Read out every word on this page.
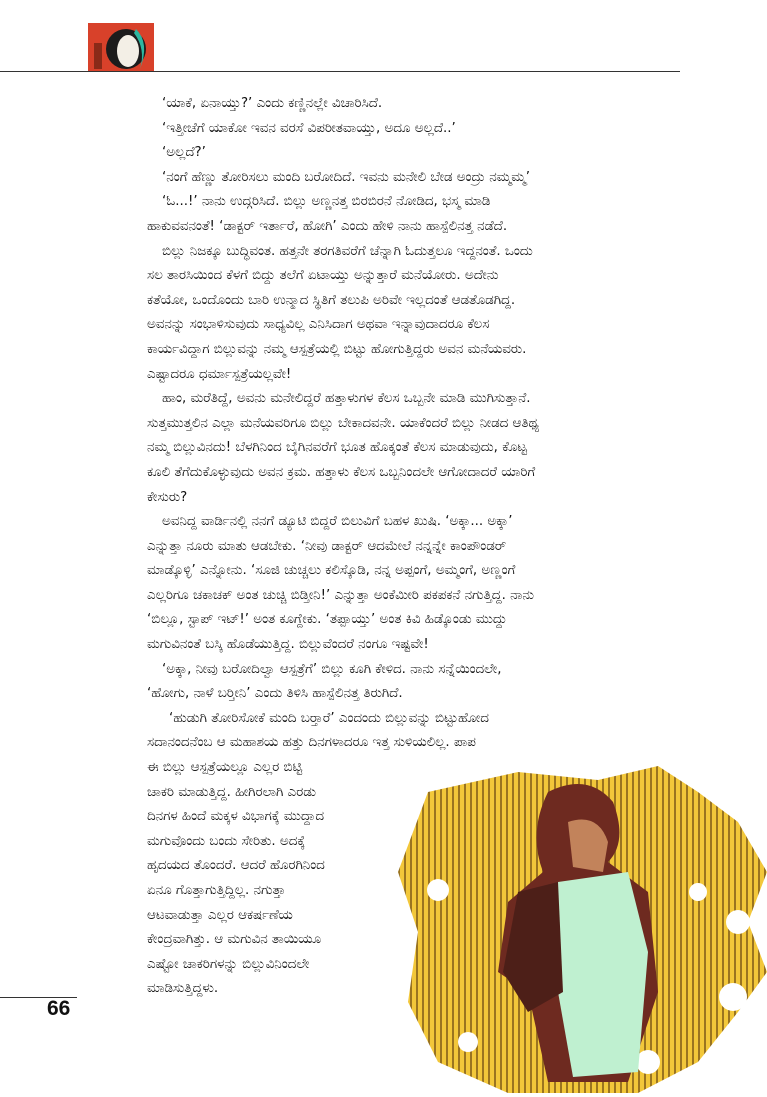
‘ಯಾಕೆ, ಏನಾಯ್ತು?’ ಎಂದು ಕಣ್ಣಿನಲ್ಲೇ ವಿಚಾರಿಸಿದೆ.

‘ಇತ್ತೀಚೆಗೆ ಯಾಕೋ ಇವನ ವರಸೆ ವಿಪರೀತವಾಯ್ತು, ಅದೂ ಅಲ್ಲದೆ..’

‘ಅಲ್ಲದೆ?’

‘ನಂಗೆ ಹೆಣ್ಣು ತೋರಿಸಲು ಮಂದಿ ಬರೋದಿದೆ. ಇವನು ಮನೇಲಿ ಬೇಡ ಅಂದ್ರು ನಮ್ಮಮ್ಮ’

‘ಓ...!’ ನಾನು ಉದ್ಗರಿಸಿದೆ. ಬಿಲ್ಲು ಅಣ್ಣನತ್ತ ಬಿರಬಿರನೆ ನೋಡಿದ, ಭಸ್ಮ ಮಾಡಿ

ಹಾಕುವವನಂತೆ! ‘ಡಾಕ್ಟರ್ ಇರ್ತಾರೆ, ಹೋಗಿ’ ಎಂದು ಹೇಳಿ ನಾನು ಹಾಸ್ಪೆಲಿನತ್ತ ನಡೆದೆ.

ಬಿಲ್ಲು ನಿಜಕ್ಕೂ ಬುದ್ಧಿವಂತ. ಹತ್ತನೇ ತರಗತಿವರೆಗೆ ಚೆನ್ನಾಗಿ ಓದುತ್ತಲೂ ಇದ್ದನಂತೆ. ಒಂದು

ಸಲ ತಾರಸಿಯಿಂದ ಕೆಳಗೆ ಬಿದ್ದು ತಲೆಗೆ ಏಟಾಯ್ತು ಅನ್ನುತ್ತಾರೆ ಮನೆಯೋರು. ಅದೇನು

ಕತೆಯೋ, ಒಂದೊಂದು ಬಾರಿ ಉನ್ಮಾದ ಸ್ಥಿತಿಗೆ ತಲುಪಿ ಅರಿವೇ ಇಲ್ಲದಂತೆ ಆಡತೊಡಗಿದ್ದ.

ಅವನನ್ನು ಸಂಭಾಳಿಸುವುದು ಸಾಧ್ಯವಿಲ್ಲ ಎನಿಸಿದಾಗ ಅಥವಾ ಇನ್ನಾವುದಾದರೂ ಕೆಲಸ

ಕಾರ್ಯವಿದ್ದಾಗ ಬಿಲ್ಲುವನ್ನು ನಮ್ಮ ಆಸ್ಪತ್ರೆಯಲ್ಲಿ ಬಿಟ್ಟು ಹೋಗುತ್ತಿದ್ದರು ಅವನ ಮನೆಯವರು.

ಎಷ್ಟಾದರೂ ಧರ್ಮಾಸ್ಪತ್ರೆಯಲ್ಲವೇ!

ಹಾಂ, ಮರೆತಿದ್ದೆ, ಅವನು ಮನೇಲಿದ್ದರೆ ಹತ್ತಾಳುಗಳ ಕೆಲಸ ಒಬ್ಬನೇ ಮಾಡಿ ಮುಗಿಸುತ್ತಾನೆ.

ಸುತ್ತಮುತ್ತಲಿನ ಎಲ್ಲಾ ಮನೆಯವರಿಗೂ ಬಿಲ್ಲು ಬೇಕಾದವನೇ. ಯಾಕೆಂದರೆ ಬಿಲ್ಲು ನೀಡದ ಆತಿಥ್ಯ

ನಮ್ಮ ಬಿಲ್ಲುವಿನದು! ಬೆಳಗಿನಿಂದ ಬೈಗಿನವರೆಗೆ ಭೂತ ಹೊಕ್ಕಂತೆ ಕೆಲಸ ಮಾಡುವುದು, ಕೊಟ್ಟ

ಕೂಲಿ ತೆಗೆದುಕೊಳ್ಳುವುದು ಅವನ ಕ್ರಮ. ಹತ್ತಾಳು ಕೆಲಸ ಒಬ್ಬನಿಂದಲೇ ಆಗೋದಾದರೆ ಯಾರಿಗೆ

ಕೇಸುರು?

ಅವನಿದ್ದ ವಾರ್ಡಿನಲ್ಲಿ ನನಗೆ ಡ್ಯೂಟಿ ಬಿದ್ದರೆ ಬಿಲುವಿಗೆ ಬಹಳ ಖುಷಿ. ‘ಅಕ್ಕಾ... ಅಕ್ಕಾ’

ಎನ್ನುತ್ತಾ ನೂರು ಮಾತು ಆಡಬೇಕು. ‘ನೀವು ಡಾಕ್ಟರ್ ಆದಮೇಲೆ ನನ್ನನ್ನೇ ಕಾಂಪೌಂಡರ್

ಮಾಡ್ಕೊಳ್ಳಿ’ ಎನ್ನೋನು. ‘ಸೂಜಿ ಚುಚ್ಚಲು ಕಲಿಸ್ಕೊಡಿ, ನನ್ನ ಅಪ್ಪಂಗೆ, ಅಮ್ಮಂಗೆ, ಅಣ್ಣಂಗೆ

ಎಲ್ಲರಿಗೂ ಚಕಾಚಕ್ ಅಂತ ಚುಚ್ಚಿ ಬಿಡ್ತೀನಿ!’ ಎನ್ನುತ್ತಾ ಅಂಕೆಮೀರಿ ಪಕಪಕನೆ ನಗುತ್ತಿದ್ದ. ನಾನು

‘ಬಿಲ್ಲೂ, ಸ್ಟಾಪ್ ಇಟ್!’ ಅಂತ ಕೂಗ್ದೇಕು. ‘ತಪ್ಪಾಯ್ತು’ ಅಂತ ಕಿವಿ ಹಿಡ್ಕೊಂಡು ಮುದ್ದು

ಮಗುವಿನಂತೆ ಬಸ್ಕಿ ಹೊಡೆಯುತ್ತಿದ್ದ. ಬಿಲ್ಲುವೆಂದರೆ ನಂಗೂ ಇಷ್ಟವೇ!

‘ಅಕ್ಕಾ, ನೀವು ಬರೋದಿಲ್ವಾ ಆಸ್ಪತ್ರೆಗೆ’ ಬಿಲ್ಲು ಕೂಗಿ ಕೇಳಿದ. ನಾನು ಸನ್ನೆಯಿಂದಲೇ,

‘ಹೋಗು, ನಾಳೆ ಬರ್‍ತೀನಿ’ ಎಂದು ತಿಳಿಸಿ ಹಾಸ್ಪೆಲಿನತ್ತ ತಿರುಗಿದೆ.

‘ಹುಡುಗಿ ತೋರಿಸೋಕೆ ಮಂದಿ ಬರ್‍ತಾರೆ’ ಎಂದಂದು ಬಿಲ್ಲುವನ್ನು ಬಿಟ್ಟುಹೋದ

ಸದಾನಂದನೆಂಬ ಆ ಮಹಾಶಯ ಹತ್ತು ದಿನಗಳಾದರೂ ಇತ್ತ ಸುಳಿಯಲಿಲ್ಲ. ಪಾಪ

ಈ ಬಿಲ್ಲು ಆಸ್ಪತ್ರೆಯಲ್ಲೂ ಎಲ್ಲರ ಬಿಟ್ಟಿ

ಚಾಕರಿ ಮಾಡುತ್ತಿದ್ದ. ಹೀಗಿರಲಾಗಿ ಎರಡು

ದಿನಗಳ ಹಿಂದೆ ಮಕ್ಕಳ ವಿಭಾಗಕ್ಕೆ ಮುದ್ದಾದ

ಮಗುವೊಂದು ಬಂದು ಸೇರಿತು. ಅದಕ್ಕೆ

ಹೃದಯದ ತೊಂದರೆ. ಆದರೆ ಹೊರಗಿನಿಂದ

ಏನೂ ಗೊತ್ತಾಗುತ್ತಿದ್ದಿಲ್ಲ. ನಗುತ್ತಾ

ಆಟವಾಡುತ್ತಾ ಎಲ್ಲರ ಆಕರ್ಷಣೆಯ

ಕೇಂದ್ರವಾಗಿತ್ತು. ಆ ಮಗುವಿನ ತಾಯಿಯೂ

ಎಷ್ಟೋ ಚಾಕರಿಗಳನ್ನು ಬಿಲ್ಲುವಿನಿಂದಲೇ

ಮಾಡಿಸುತ್ತಿದ್ದಳು.

66
